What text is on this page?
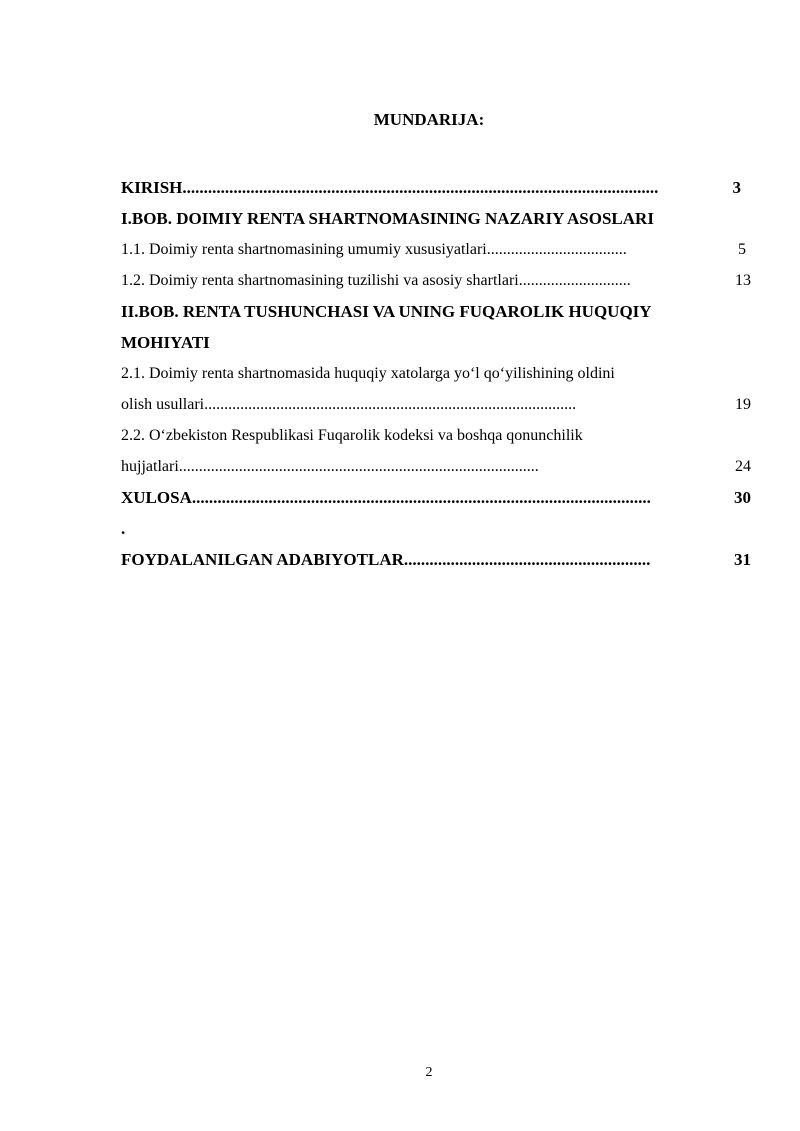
MUNDARIJA:
KIRISH................................................................................................................	3
I.BOB. DOIMIY RENTA SHARTNOMASINING NAZARIY ASOSLARI
1.1. Doimiy renta shartnomasining umumiy xususiyatlari...................................	5
1.2. Doimiy renta shartnomasining tuzilishi va asosiy shartlari............................	13
II.BOB. RENTA TUSHUNCHASI VA UNING FUQAROLIK HUQUQIY
MOHIYATI
2.1. Doimiy renta shartnomasida huquqiy xatolarga yo‘l qo‘yilishining oldini
olish usullari.............................................................................................	19
2.2. O‘zbekiston Respublikasi Fuqarolik kodeksi va boshqa qonunchilik
hujjatlari..........................................................................................	24
XULOSA............................................................................................................	30
.
FOYDALANILGAN ADABIYOTLAR..........................................................	31
2
